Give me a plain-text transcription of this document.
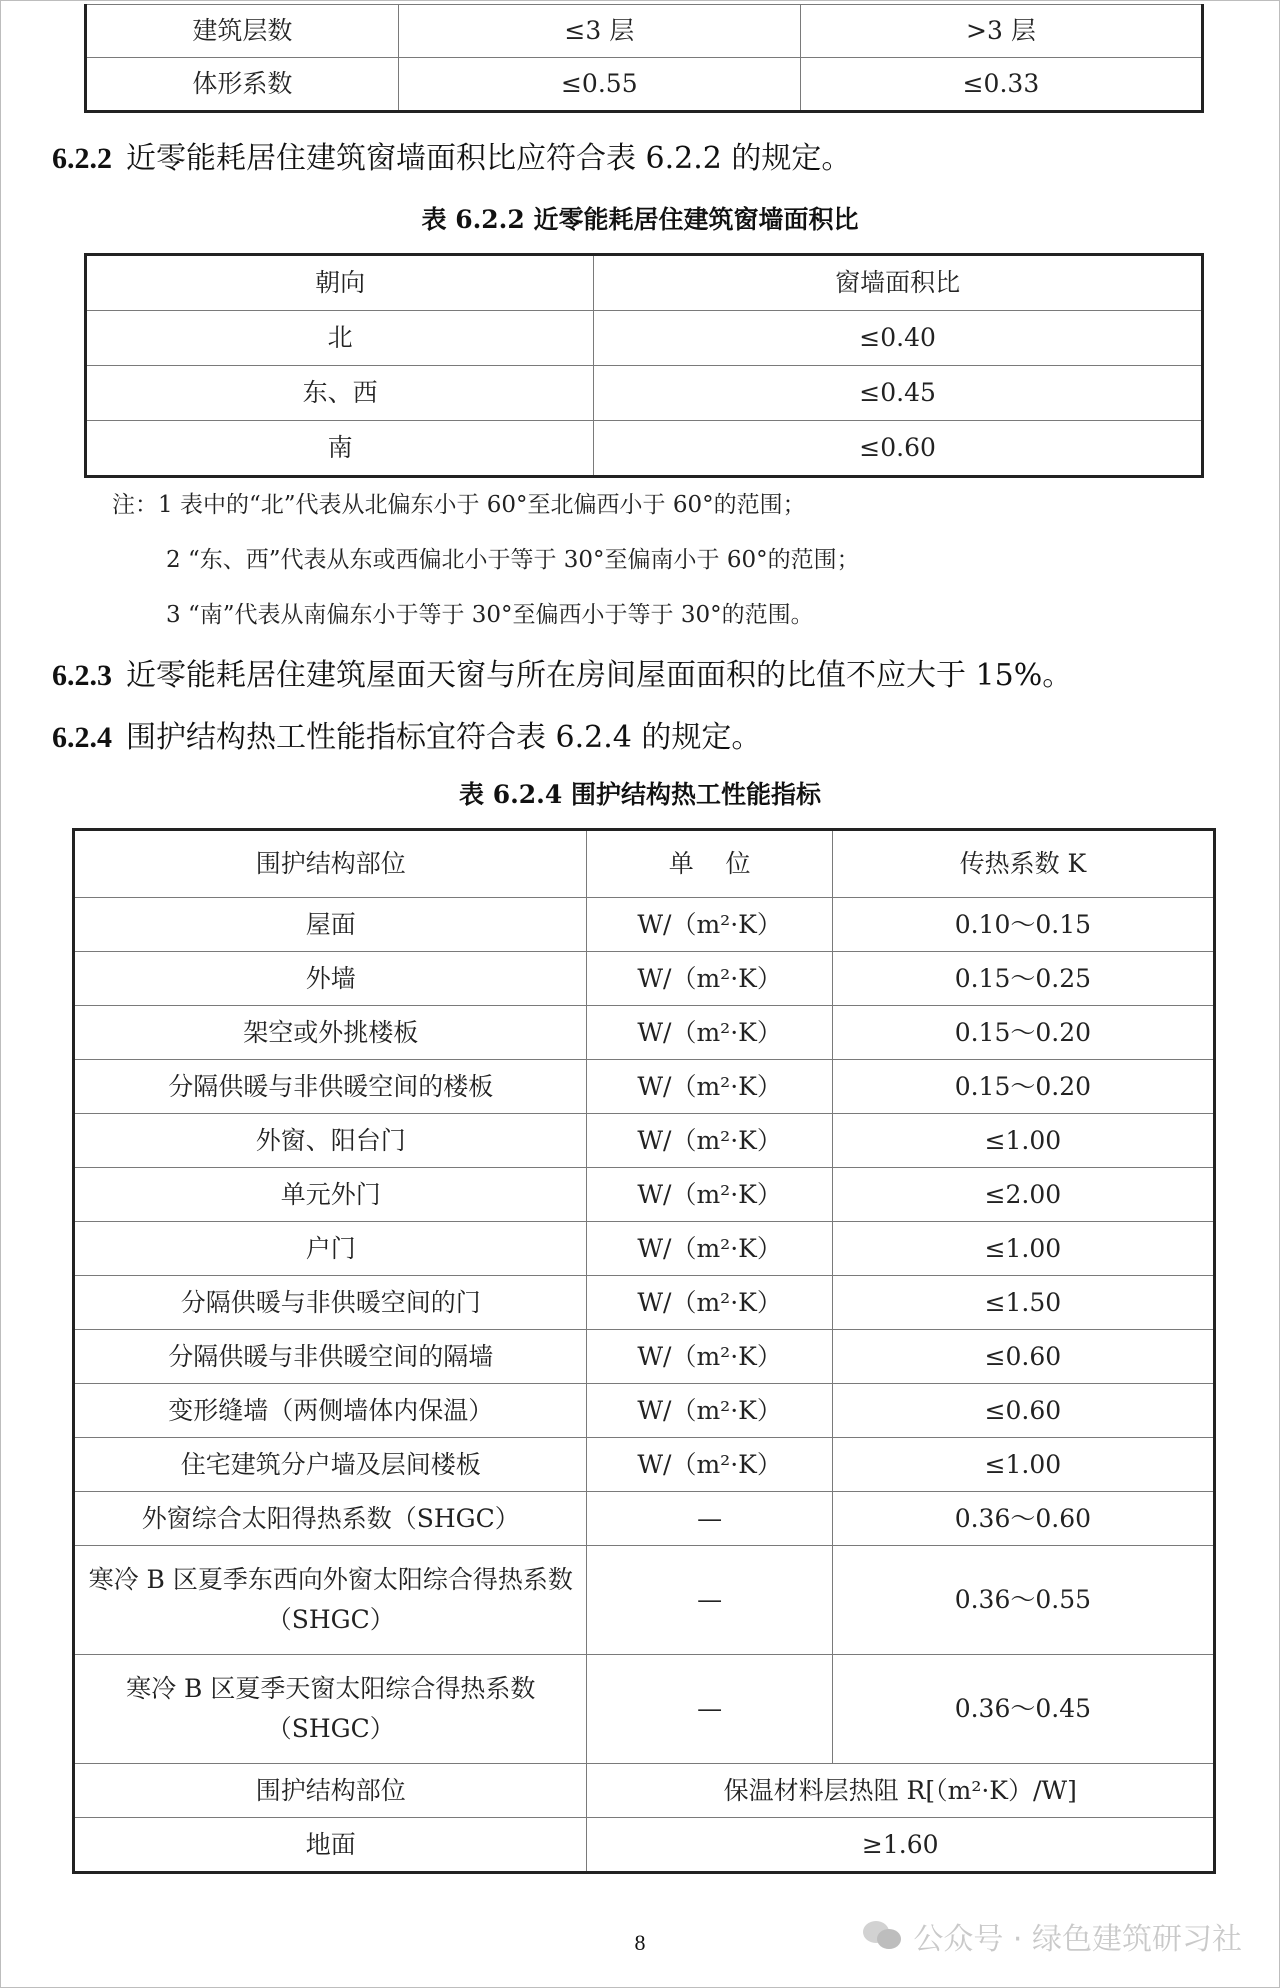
建筑层数	≤3 层	>3 层
体形系数	≤0.55	≤0.33
6.2.2 近零能耗居住建筑窗墙面积比应符合表 6.2.2 的规定。
表 6.2.2 近零能耗居住建筑窗墙面积比
朝向	窗墙面积比
北	≤0.40
东、西	≤0.45
南	≤0.60
注：1 表中的“北”代表从北偏东小于 60°至北偏西小于 60°的范围；
2 “东、西”代表从东或西偏北小于等于 30°至偏南小于 60°的范围；
3 “南”代表从南偏东小于等于 30°至偏西小于等于 30°的范围。
6.2.3 近零能耗居住建筑屋面天窗与所在房间屋面面积的比值不应大于 15%。
6.2.4 围护结构热工性能指标宜符合表 6.2.4 的规定。
表 6.2.4 围护结构热工性能指标
围护结构部位	单    位	传热系数 K
屋面	W/（m²·K）	0.10～0.15
外墙	W/（m²·K）	0.15～0.25
架空或外挑楼板	W/（m²·K）	0.15～0.20
分隔供暖与非供暖空间的楼板	W/（m²·K）	0.15～0.20
外窗、阳台门	W/（m²·K）	≤1.00
单元外门	W/（m²·K）	≤2.00
户门	W/（m²·K）	≤1.00
分隔供暖与非供暖空间的门	W/（m²·K）	≤1.50
分隔供暖与非供暖空间的隔墙	W/（m²·K）	≤0.60
变形缝墙（两侧墙体内保温）	W/（m²·K）	≤0.60
住宅建筑分户墙及层间楼板	W/（m²·K）	≤1.00
外窗综合太阳得热系数（SHGC）	—	0.36～0.60
寒冷 B 区夏季东西向外窗太阳综合得热系数（SHGC）	—	0.36～0.55
寒冷 B 区夏季天窗太阳综合得热系数（SHGC）	—	0.36～0.45
围护结构部位	保温材料层热阻 R[（m²·K）/W]	
地面	≥1.60	
8	公众号 · 绿色建筑研习社
